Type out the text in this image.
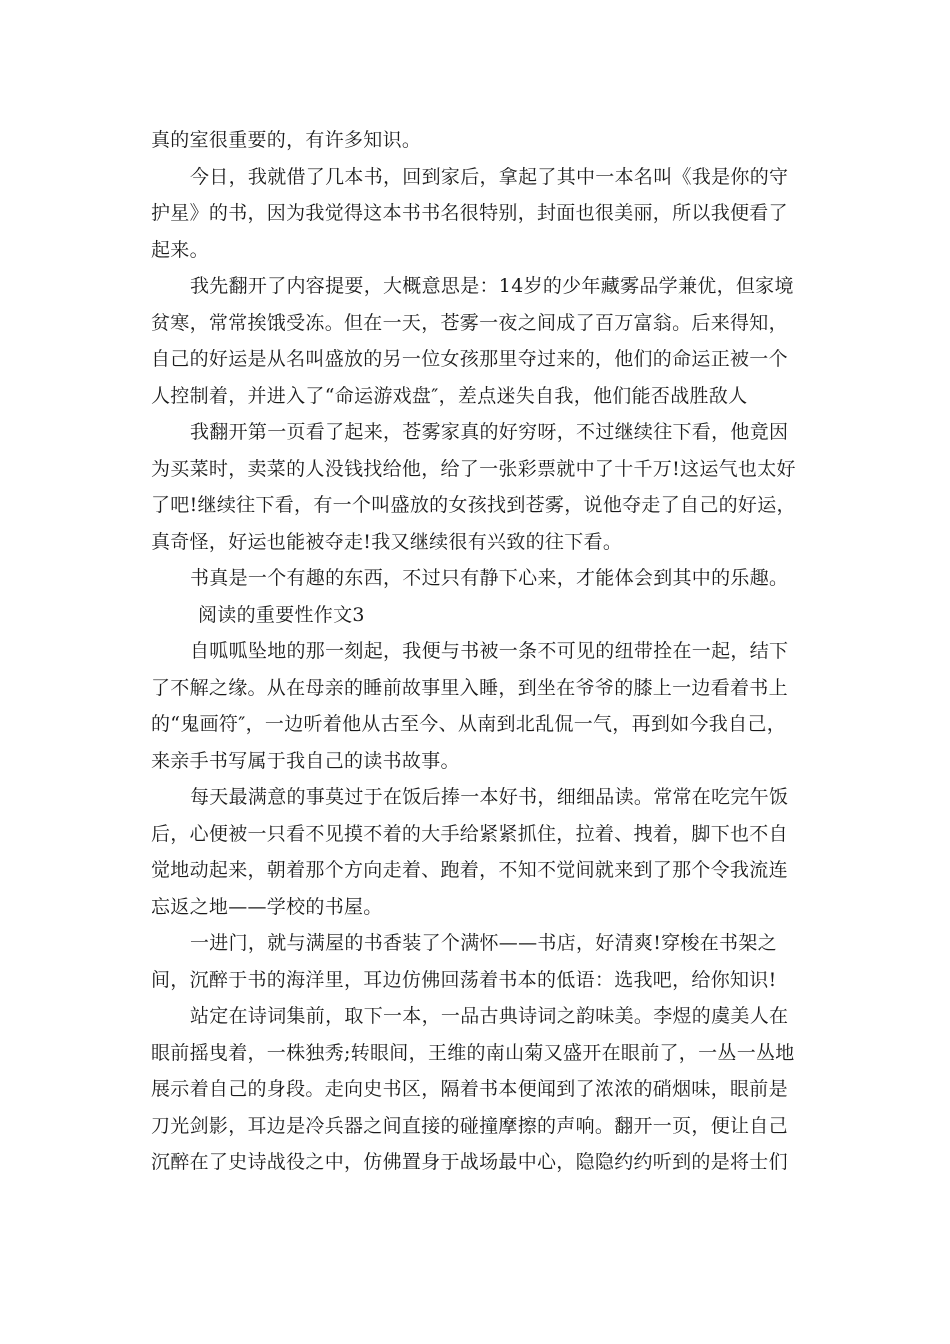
真的室很重要的，有许多知识。
今日，我就借了几本书，回到家后，拿起了其中一本名叫《我是你的守
护星》的书，因为我觉得这本书书名很特别，封面也很美丽，所以我便看了
起来。
我先翻开了内容提要，大概意思是：14岁的少年藏雾品学兼优，但家境
贫寒，常常挨饿受冻。但在一天，苍雾一夜之间成了百万富翁。后来得知，
自己的好运是从名叫盛放的另一位女孩那里夺过来的，他们的命运正被一个
人控制着，并进入了“命运游戏盘″，差点迷失自我，他们能否战胜敌人
我翻开第一页看了起来，苍雾家真的好穷呀，不过继续往下看，他竟因
为买菜时，卖菜的人没钱找给他，给了一张彩票就中了十千万!这运气也太好
了吧!继续往下看，有一个叫盛放的女孩找到苍雾，说他夺走了自己的好运，
真奇怪，好运也能被夺走!我又继续很有兴致的往下看。
书真是一个有趣的东西，不过只有静下心来，才能体会到其中的乐趣。
阅读的重要性作文3
自呱呱坠地的那一刻起，我便与书被一条不可见的纽带拴在一起，结下
了不解之缘。从在母亲的睡前故事里入睡，到坐在爷爷的膝上一边看着书上
的“鬼画符″，一边听着他从古至今、从南到北乱侃一气，再到如今我自己，
来亲手书写属于我自己的读书故事。
每天最满意的事莫过于在饭后捧一本好书，细细品读。常常在吃完午饭
后，心便被一只看不见摸不着的大手给紧紧抓住，拉着、拽着，脚下也不自
觉地动起来，朝着那个方向走着、跑着，不知不觉间就来到了那个令我流连
忘返之地——学校的书屋。
一进门，就与满屋的书香装了个满怀——书店，好清爽!穿梭在书架之
间，沉醉于书的海洋里，耳边仿佛回荡着书本的低语：选我吧，给你知识!
站定在诗词集前，取下一本，一品古典诗词之韵味美。李煜的虞美人在
眼前摇曳着，一株独秀;转眼间，王维的南山菊又盛开在眼前了，一丛一丛地
展示着自己的身段。走向史书区，隔着书本便闻到了浓浓的硝烟味，眼前是
刀光剑影，耳边是冷兵器之间直接的碰撞摩擦的声响。翻开一页，便让自己
沉醉在了史诗战役之中，仿佛置身于战场最中心，隐隐约约听到的是将士们
